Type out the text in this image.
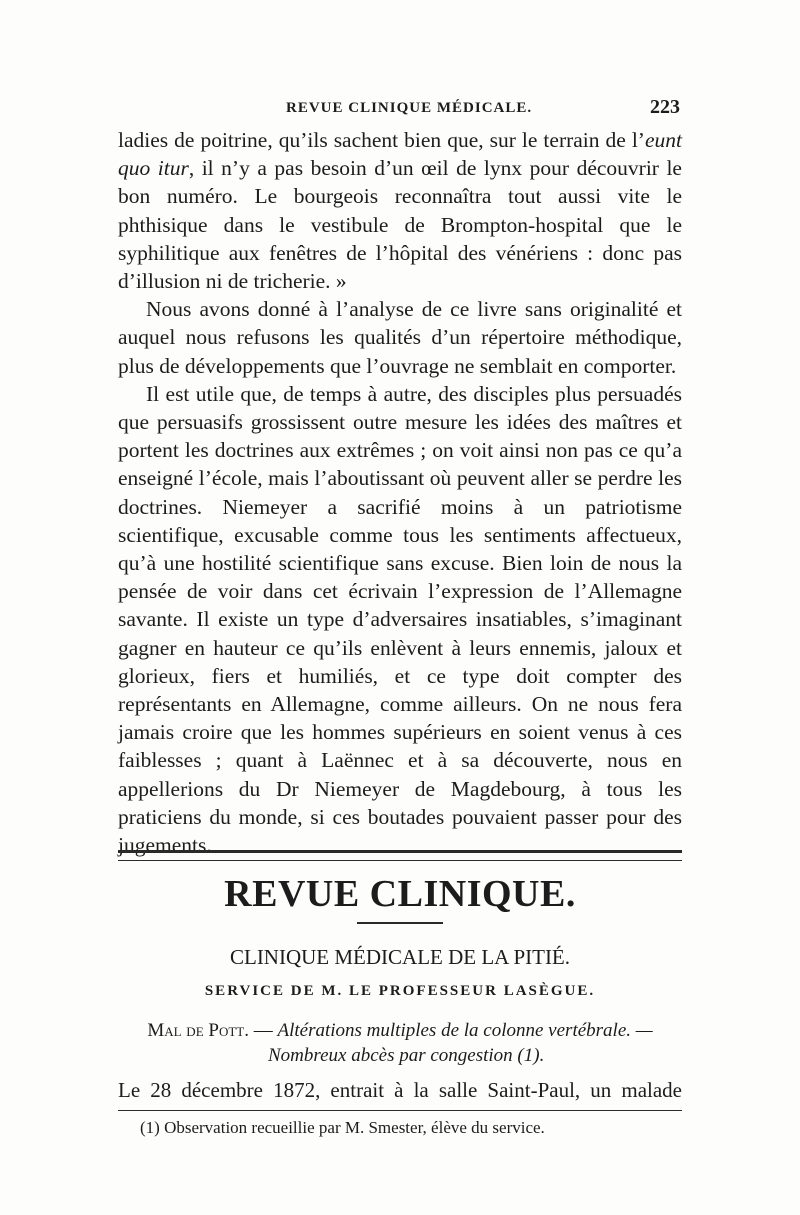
REVUE CLINIQUE MÉDICALE.	223

ladies de poitrine, qu’ils sachent bien que, sur le terrain de l’eunt quo itur, il n’y a pas besoin d’un œil de lynx pour découvrir le bon numéro. Le bourgeois reconnaîtra tout aussi vite le phthisique dans le vestibule de Brompton-hospital que le syphilitique aux fenêtres de l’hôpital des vénériens : donc pas d’illusion ni de tricherie. »

Nous avons donné à l’analyse de ce livre sans originalité et auquel nous refusons les qualités d’un répertoire méthodique, plus de développements que l’ouvrage ne semblait en comporter.

Il est utile que, de temps à autre, des disciples plus persuadés que persuasifs grossissent outre mesure les idées des maîtres et portent les doctrines aux extrêmes ; on voit ainsi non pas ce qu’a enseigné l’école, mais l’aboutissant où peuvent aller se perdre les doctrines. Niemeyer a sacrifié moins à un patriotisme scientifique, excusable comme tous les sentiments affectueux, qu’à une hostilité scientifique sans excuse. Bien loin de nous la pensée de voir dans cet écrivain l’expression de l’Allemagne savante. Il existe un type d’adversaires insatiables, s’imaginant gagner en hauteur ce qu’ils enlèvent à leurs ennemis, jaloux et glorieux, fiers et humiliés, et ce type doit compter des représentants en Allemagne, comme ailleurs. On ne nous fera jamais croire que les hommes supérieurs en soient venus à ces faiblesses ; quant à Laënnec et à sa découverte, nous en appellerions du Dr Niemeyer de Magdebourg, à tous les praticiens du monde, si ces boutades pouvaient passer pour des jugements.

REVUE CLINIQUE.
CLINIQUE MÉDICALE DE LA PITIÉ.
SERVICE DE M. LE PROFESSEUR LASÈGUE.
Mal de Pott. — Altérations multiples de la colonne vertébrale. —
Nombreux abcès par congestion (1).
Le 28 décembre 1872, entrait à la salle Saint-Paul, un malade
(1) Observation recueillie par M. Smester, élève du service.
